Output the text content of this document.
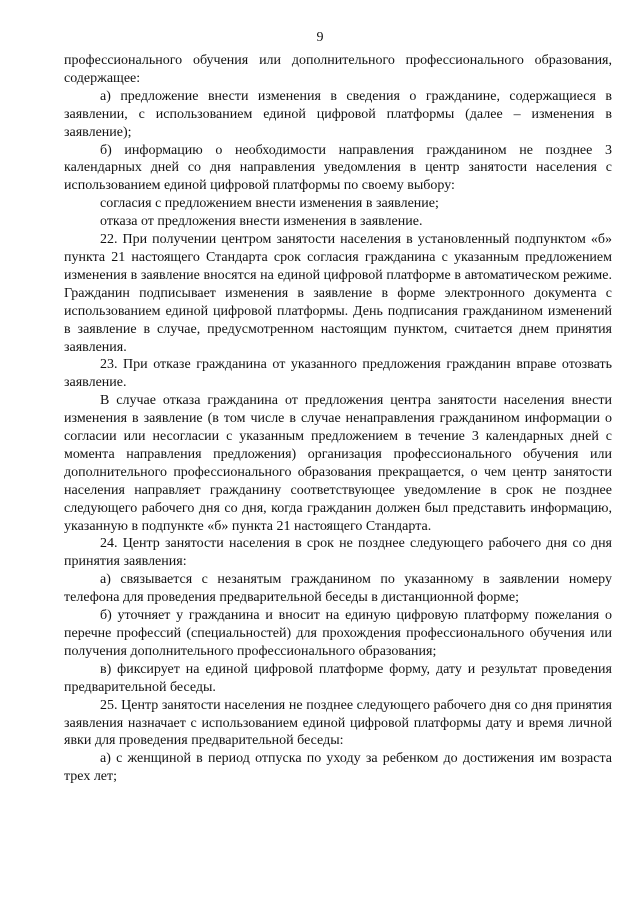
9

профессионального обучения или дополнительного профессионального образования, содержащее:

а) предложение внести изменения в сведения о гражданине, содержащиеся в заявлении, с использованием единой цифровой платформы (далее – изменения в заявление);

б) информацию о необходимости направления гражданином не позднее 3 календарных дней со дня направления уведомления в центр занятости населения с использованием единой цифровой платформы по своему выбору:

согласия с предложением внести изменения в заявление;

отказа от предложения внести изменения в заявление.

22. При получении центром занятости населения в установленный подпунктом «б» пункта 21 настоящего Стандарта срок согласия гражданина с указанным предложением изменения в заявление вносятся на единой цифровой платформе в автоматическом режиме. Гражданин подписывает изменения в заявление в форме электронного документа с использованием единой цифровой платформы. День подписания гражданином изменений в заявление в случае, предусмотренном настоящим пунктом, считается днем принятия заявления.

23. При отказе гражданина от указанного предложения гражданин вправе отозвать заявление.

В случае отказа гражданина от предложения центра занятости населения внести изменения в заявление (в том числе в случае ненаправления гражданином информации о согласии или несогласии с указанным предложением в течение 3 календарных дней с момента направления предложения) организация профессионального обучения или дополнительного профессионального образования прекращается, о чем центр занятости населения направляет гражданину соответствующее уведомление в срок не позднее следующего рабочего дня со дня, когда гражданин должен был представить информацию, указанную в подпункте «б» пункта 21 настоящего Стандарта.

24. Центр занятости населения в срок не позднее следующего рабочего дня со дня принятия заявления:

а) связывается с незанятым гражданином по указанному в заявлении номеру телефона для проведения предварительной беседы в дистанционной форме;

б) уточняет у гражданина и вносит на единую цифровую платформу пожелания о перечне профессий (специальностей) для прохождения профессионального обучения или получения дополнительного профессионального образования;

в) фиксирует на единой цифровой платформе форму, дату и результат проведения предварительной беседы.

25. Центр занятости населения не позднее следующего рабочего дня со дня принятия заявления назначает с использованием единой цифровой платформы дату и время личной явки для проведения предварительной беседы:

а) с женщиной в период отпуска по уходу за ребенком до достижения им возраста трех лет;
